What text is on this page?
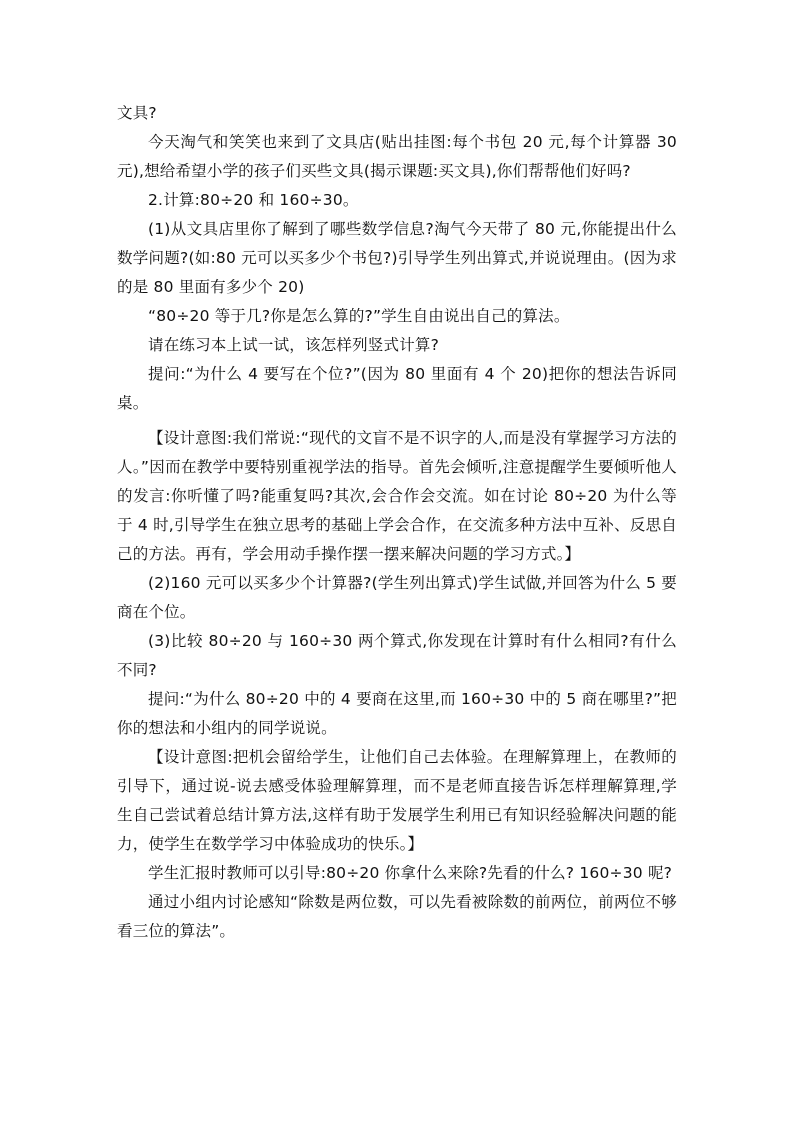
文具?

今天淘气和笑笑也来到了文具店(贴出挂图:每个书包 20 元,每个计算器 30 元),想给希望小学的孩子们买些文具(揭示课题:买文具),你们帮帮他们好吗?

2.计算:80÷20 和 160÷30。

(1)从文具店里你了解到了哪些数学信息?淘气今天带了 80 元,你能提出什么数学问题?(如:80 元可以买多少个书包?)引导学生列出算式,并说说理由。(因为求的是 80 里面有多少个 20)

“80÷20 等于几?你是怎么算的?”学生自由说出自己的算法。

请在练习本上试一试，该怎样列竖式计算?

提问:“为什么 4 要写在个位?”(因为 80 里面有 4 个 20)把你的想法告诉同桌。

【设计意图:我们常说:“现代的文盲不是不识字的人,而是没有掌握学习方法的人。”因而在教学中要特别重视学法的指导。首先会倾听,注意提醒学生要倾听他人的发言:你听懂了吗?能重复吗?其次,会合作会交流。如在讨论 80÷20 为什么等于 4 时,引导学生在独立思考的基础上学会合作，在交流多种方法中互补、反思自己的方法。再有，学会用动手操作摆一摆来解决问题的学习方式。】

(2)160 元可以买多少个计算器?(学生列出算式)学生试做,并回答为什么 5 要商在个位。

(3)比较 80÷20 与 160÷30 两个算式,你发现在计算时有什么相同?有什么不同?

提问:“为什么 80÷20 中的 4 要商在这里,而 160÷30 中的 5 商在哪里?”把你的想法和小组内的同学说说。

【设计意图:把机会留给学生，让他们自己去体验。在理解算理上，在教师的引导下，通过说-说去感受体验理解算理，而不是老师直接告诉怎样理解算理,学生自己尝试着总结计算方法,这样有助于发展学生利用已有知识经验解决问题的能力，使学生在数学学习中体验成功的快乐。】

学生汇报时教师可以引导:80÷20 你拿什么来除?先看的什么? 160÷30 呢?

通过小组内讨论感知“除数是两位数，可以先看被除数的前两位，前两位不够看三位的算法”。
